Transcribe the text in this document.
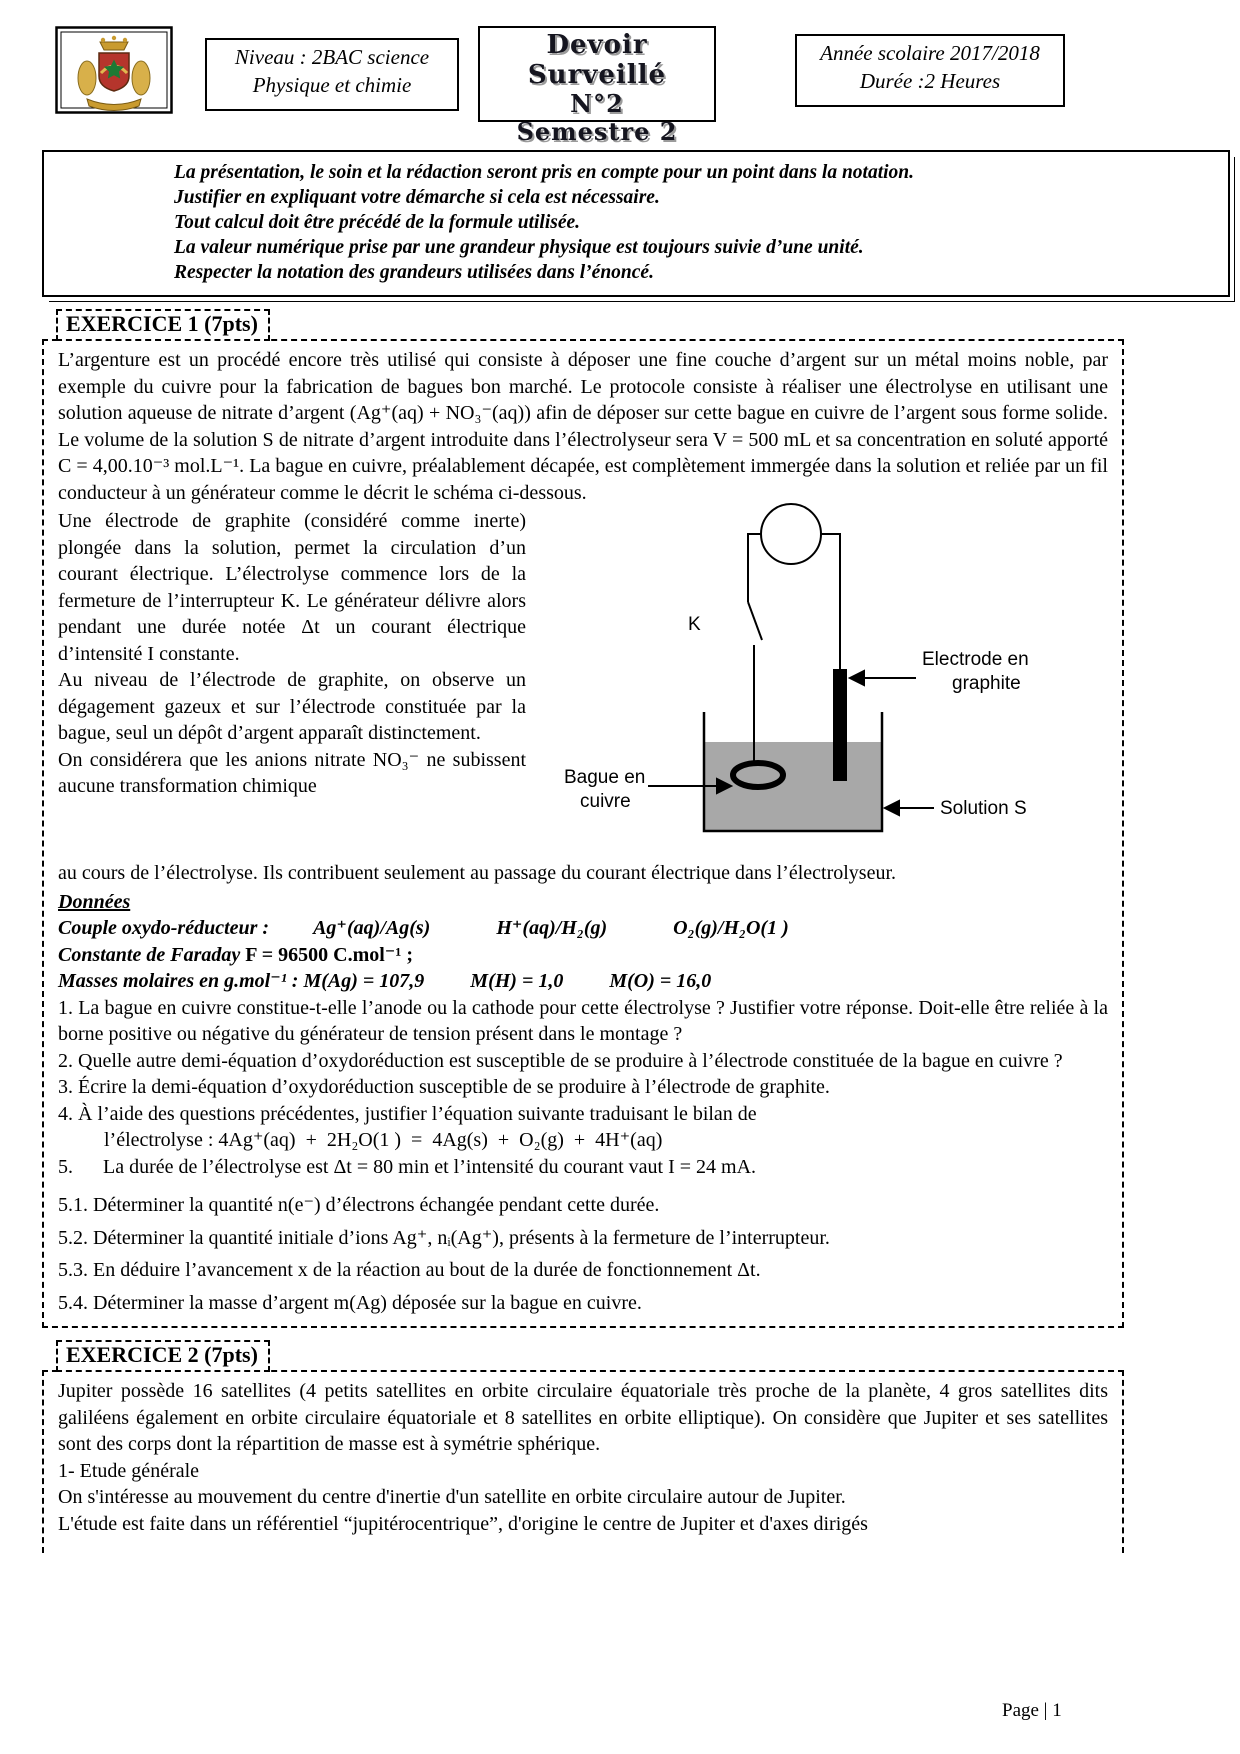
Niveau : 2BAC science
Physique et chimie
Devoir Surveillé
N°2
Semestre 2
Année scolaire 2017/2018
Durée :2 Heures
La présentation, le soin et la rédaction seront pris en compte pour un point dans la notation.
Justifier en expliquant votre démarche si cela est nécessaire.
Tout calcul doit être précédé de la formule utilisée.
La valeur numérique prise par une grandeur physique est toujours suivie d’une unité.
Respecter la notation des grandeurs utilisées dans l’énoncé.
EXERCICE 1 (7pts)

L’argenture est un procédé encore très utilisé qui consiste à déposer une fine couche d’argent sur un métal moins noble, par exemple du cuivre pour la fabrication de bagues bon marché. Le protocole consiste à réaliser une électrolyse en utilisant une solution aqueuse de nitrate d’argent (Ag⁺(aq) + NO₃⁻(aq)) afin de déposer sur cette bague en cuivre de l’argent sous forme solide. Le volume de la solution S de nitrate d’argent introduite dans l’électrolyseur sera V = 500 mL et sa concentration en soluté apporté C = 4,00.10⁻³ mol.L⁻¹. La bague en cuivre, préalablement décapée, est complètement immergée dans la solution et reliée par un fil conducteur à un générateur comme le décrit le schéma ci-dessous.

Une électrode de graphite (considéré comme inerte) plongée dans la solution, permet la circulation d’un courant électrique. L’électrolyse commence lors de la fermeture de l’interrupteur K. Le générateur délivre alors pendant une durée notée Δt un courant électrique d’intensité I constante.

Au niveau de l’électrode de graphite, on observe un dégagement gazeux et sur l’électrode constituée par la bague, seul un dépôt d’argent apparaît distinctement.

On considérera que les anions nitrate NO₃⁻ ne subissent aucune transformation chimique

K
Electrode en
graphite
Bague en
cuivre	Solution S

au cours de l’électrolyse. Ils contribuent seulement au passage du courant électrique dans l’électrolyseur.

Données

Couple oxydo-réducteur : Ag⁺(aq)/Ag(s)	H⁺(aq)/H₂(g)	O₂(g)/H₂O(1 )

Constante de Faraday F = 96500 C.mol⁻¹ ;

Masses molaires en g.mol⁻¹ : M(Ag) = 107,9 M(H) = 1,0 M(O) = 16,0

1. La bague en cuivre constitue-t-elle l’anode ou la cathode pour cette électrolyse ? Justifier votre réponse. Doit-elle être reliée à la borne positive ou négative du générateur de tension présent dans le montage ?

2. Quelle autre demi-équation d’oxydoréduction est susceptible de se produire à l’électrode constituée de la bague en cuivre ?

3. Écrire la demi-équation d’oxydoréduction susceptible de se produire à l’électrode de graphite.

4. À l’aide des questions précédentes, justifier l’équation suivante traduisant le bilan de

l’électrolyse : 4Ag⁺(aq)  +  2H₂O(1 )  =  4Ag(s)  +  O₂(g)  +  4H⁺(aq)

5.      La durée de l’électrolyse est Δt = 80 min et l’intensité du courant vaut I = 24 mA.

5.1. Déterminer la quantité n(e⁻) d’électrons échangée pendant cette durée.

5.2. Déterminer la quantité initiale d’ions Ag⁺, nᵢ(Ag⁺), présents à la fermeture de l’interrupteur.

5.3. En déduire l’avancement x de la réaction au bout de la durée de fonctionnement Δt.

5.4. Déterminer la masse d’argent m(Ag) déposée sur la bague en cuivre.

EXERCICE 2 (7pts)

Jupiter possède 16 satellites (4 petits satellites en orbite circulaire équatoriale très proche de la planète, 4 gros satellites dits galiléens également en orbite circulaire équatoriale et 8 satellites en orbite elliptique). On considère que Jupiter et ses satellites sont des corps dont la répartition de masse est à symétrie sphérique.

1- Etude générale

On s'intéresse au mouvement du centre d'inertie d'un satellite en orbite circulaire autour de Jupiter.

L'étude est faite dans un référentiel “jupitérocentrique”, d'origine le centre de Jupiter et d'axes dirigés

Page | 1
